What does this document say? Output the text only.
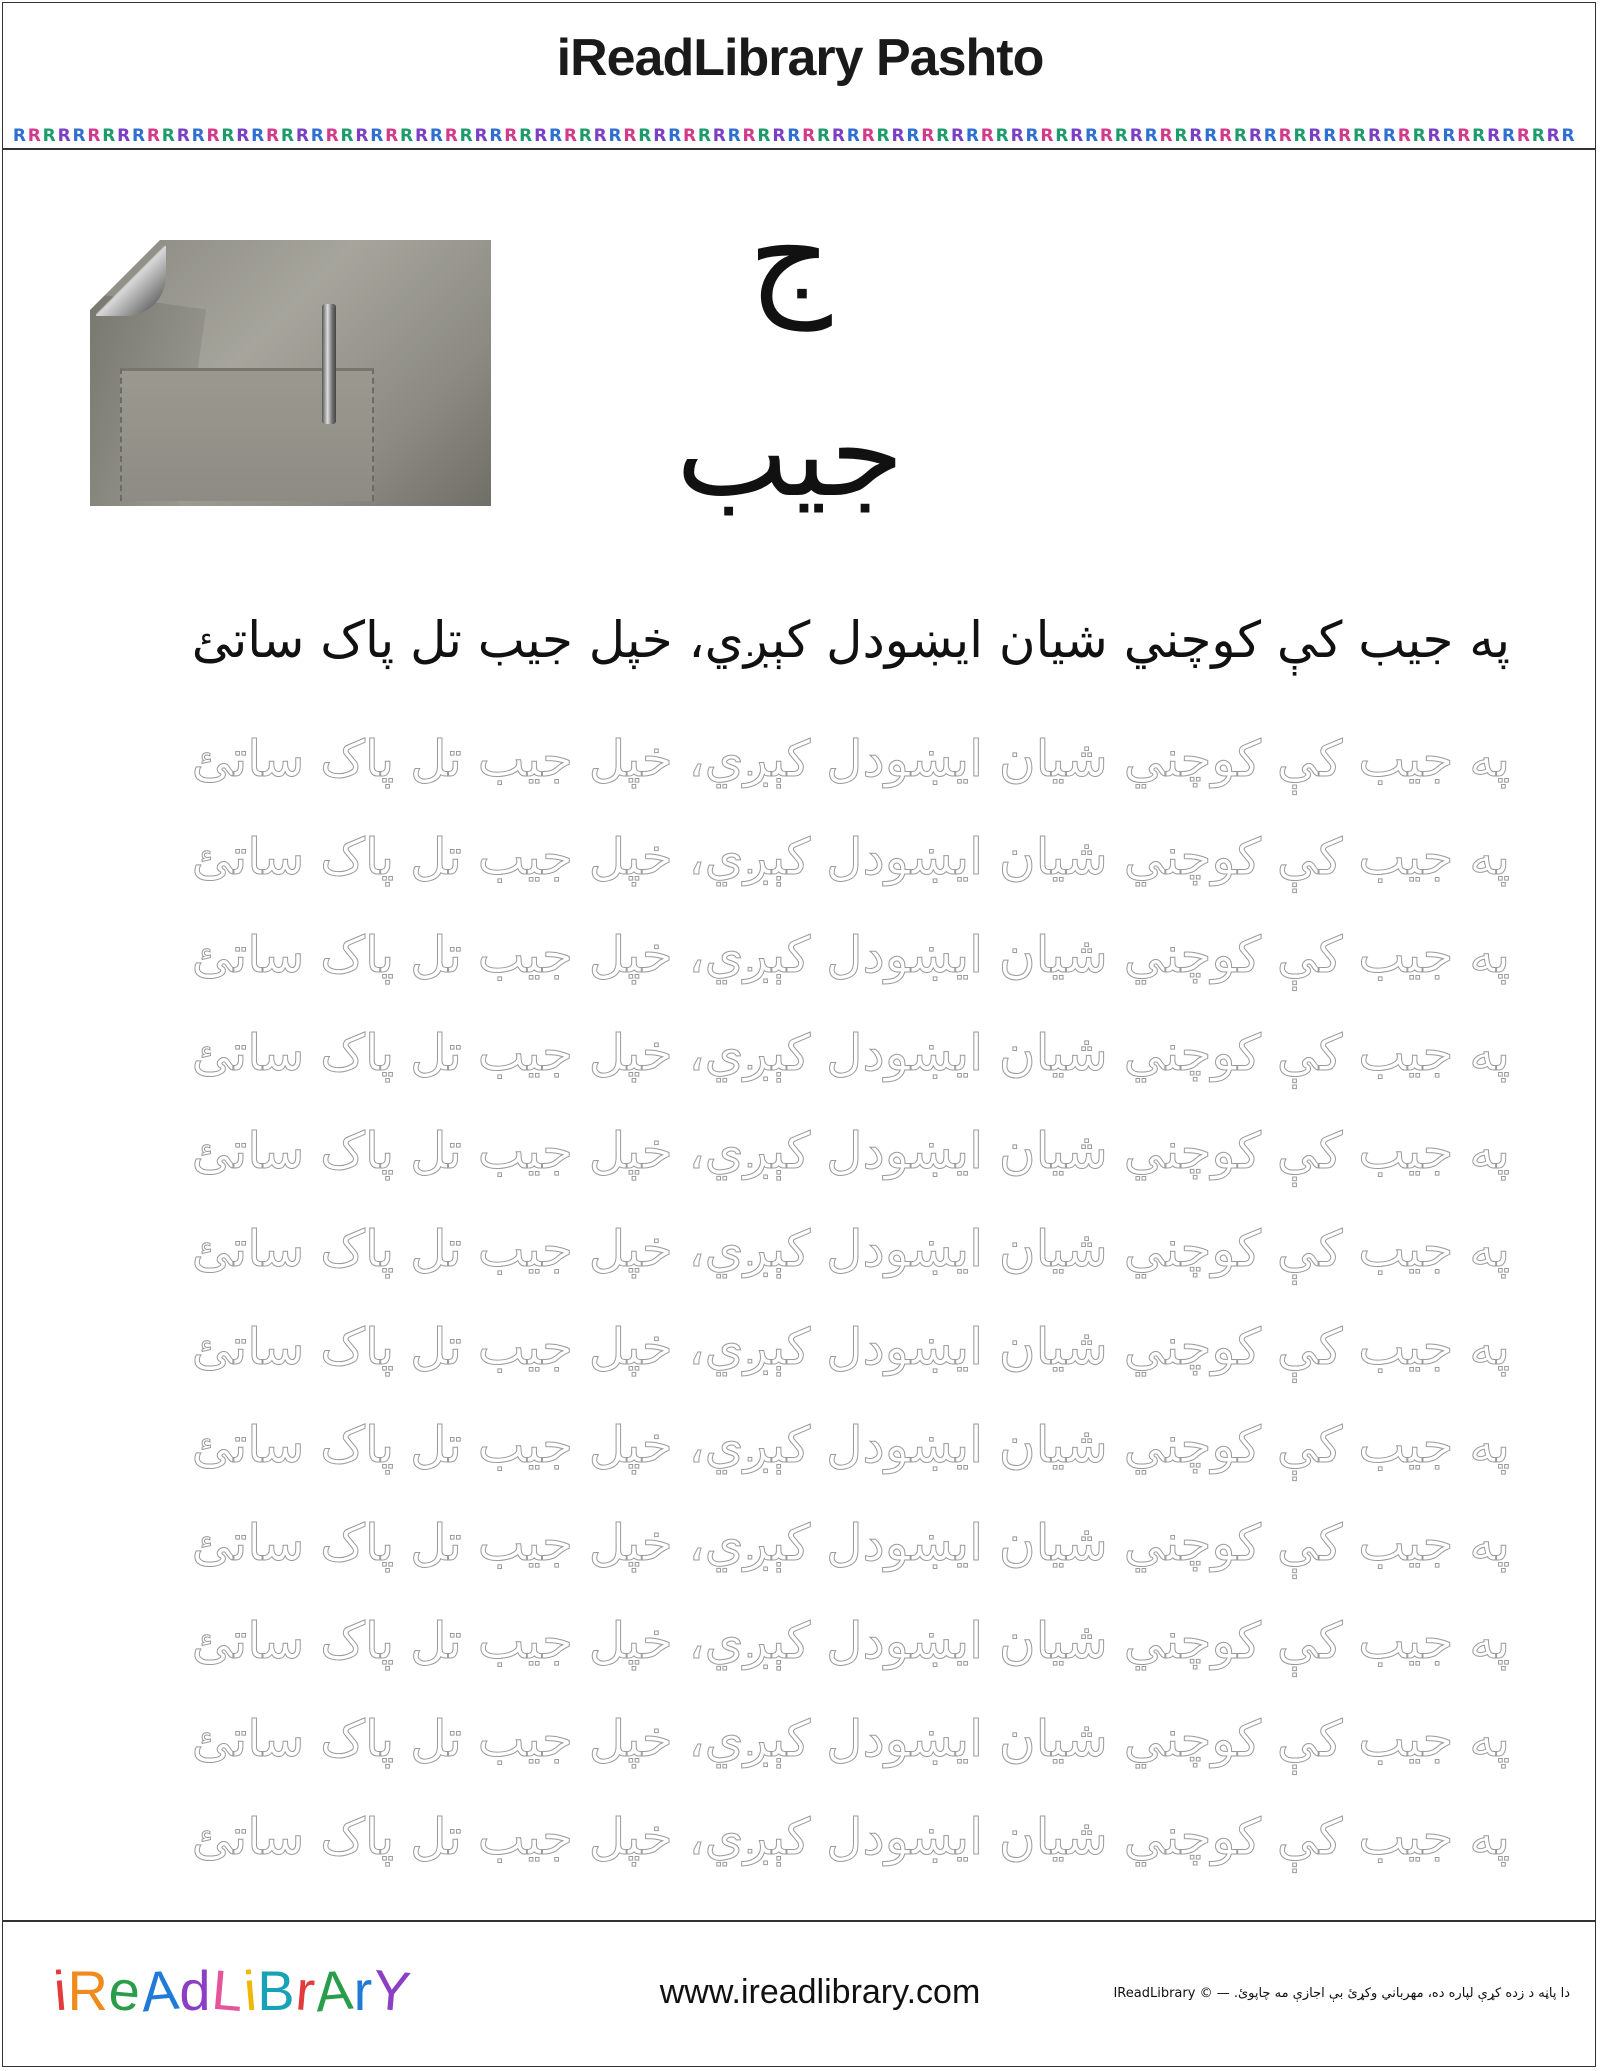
iReadLibrary Pashto
R R R R R R R R R R R R R R R R R R R R R R R R R R R R R R R R R R R R R R R R R R R R R R R R R R R R R R R R R R R R R R R R R R R R R R R R R R R R R R R R R R R R R R R R R R R R R R R R R R R R R R R R R
ج
جیب
په جیب کې کوچني شیان ایښودل کېږي، خپل جیب تل پاک ساتئ
په جیب کې کوچني شیان ایښودل کېږي، خپل جیب تل پاک ساتئ
په جیب کې کوچني شیان ایښودل کېږي، خپل جیب تل پاک ساتئ
په جیب کې کوچني شیان ایښودل کېږي، خپل جیب تل پاک ساتئ
په جیب کې کوچني شیان ایښودل کېږي، خپل جیب تل پاک ساتئ
په جیب کې کوچني شیان ایښودل کېږي، خپل جیب تل پاک ساتئ
په جیب کې کوچني شیان ایښودل کېږي، خپل جیب تل پاک ساتئ
په جیب کې کوچني شیان ایښودل کېږي، خپل جیب تل پاک ساتئ
په جیب کې کوچني شیان ایښودل کېږي، خپل جیب تل پاک ساتئ
په جیب کې کوچني شیان ایښودل کېږي، خپل جیب تل پاک ساتئ
په جیب کې کوچني شیان ایښودل کېږي، خپل جیب تل پاک ساتئ
په جیب کې کوچني شیان ایښودل کېږي، خپل جیب تل پاک ساتئ
په جیب کې کوچني شیان ایښودل کېږي، خپل جیب تل پاک ساتئ
iReAdLiBrArY	www.ireadlibrary.com	دا پاڼه د زده کړې لپاره ده، مهرباني وکړئ بې اجازې مه چاپوئ. — © IReadLibrary
